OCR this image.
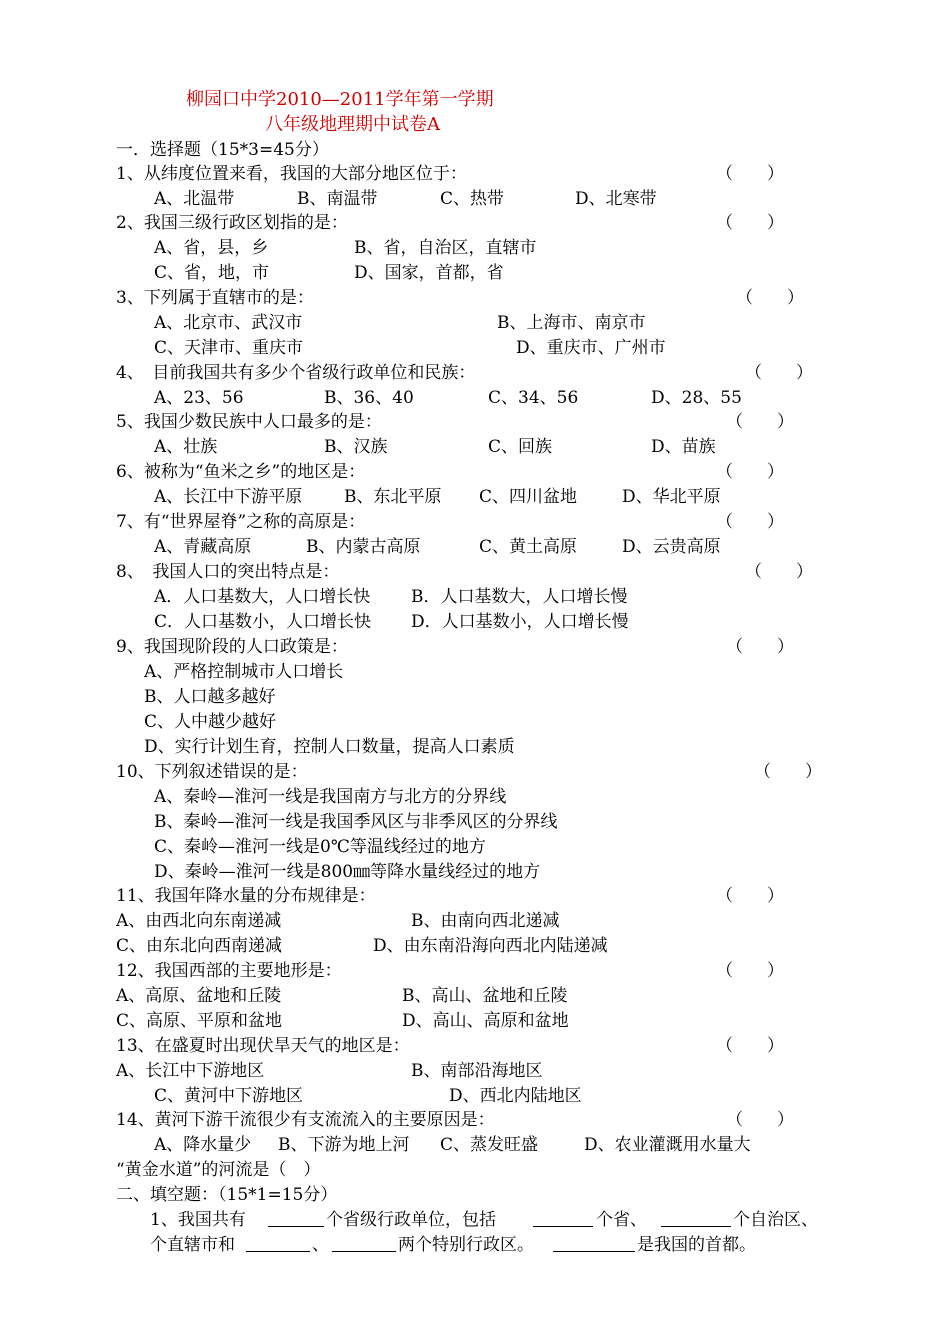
柳园口中学2010—2011学年第一学期
八年级地理期中试卷A
一．选择题（15*3=45分）
1、从纬度位置来看，我国的大部分地区位于：	（　　）
A、北温带	B、南温带	C、热带	D、北寒带
2、我国三级行政区划指的是：	（　　）
A、省，县，乡	B、省，自治区，直辖市
C、省，地，市	D、国家，首都，省
3、下列属于直辖市的是：	（　　）
A、北京市、武汉市	B、上海市、南京市
C、天津市、重庆市	D、重庆市、广州市
4、　目前我国共有多少个省级行政单位和民族：	（　　）
A、23、56	B、36、40	C、34、56	D、28、55
5、我国少数民族中人口最多的是：	（　　）
A、壮族	B、汉族	C、回族	D、苗族
6、被称为“鱼米之乡”的地区是：	（　　）
A、长江中下游平原 B、东北平原 C、四川盆地	D、华北平原
7、有“世界屋脊”之称的高原是：	（　　）
A、青藏高原	B、内蒙古高原	C、黄土高原	D、云贵高原
8、　我国人口的突出特点是：	（　　）
A．人口基数大，人口增长快 B．人口基数大，人口增长慢
C．人口基数小，人口增长快 D．人口基数小，人口增长慢
9、我国现阶段的人口政策是：	（　　）
A、严格控制城市人口增长
B、人口越多越好
C、人中越少越好
D、实行计划生育，控制人口数量，提高人口素质
10、下列叙述错误的是：	（　　）
A、秦岭—淮河一线是我国南方与北方的分界线
B、秦岭—淮河一线是我国季风区与非季风区的分界线
C、秦岭—淮河一线是0℃等温线经过的地方
D、秦岭—淮河一线是800㎜等降水量线经过的地方
11、我国年降水量的分布规律是：	（　　）
A、由西北向东南递减	B、由南向西北递减
C、由东北向西南递减	D、由东南沿海向西北内陆递减
12、我国西部的主要地形是：	（　　）
A、高原、盆地和丘陵	B、高山、盆地和丘陵
C、高原、平原和盆地	D、高山、高原和盆地
13、在盛夏时出现伏旱天气的地区是：	（　　）
A、长江中下游地区	B、南部沿海地区
C、黄河中下游地区	D、西北内陆地区
14、黄河下游干流很少有支流流入的主要原因是：	（　　）
A、降水量少 B、下游为地上河 C、蒸发旺盛	D、农业灌溉用水量大
“黄金水道”的河流是（　）
二、填空题：（15*1=15分）
1、我国共有	个省级行政单位，包括	个省、	个自治区、
个直辖市和	、	两个特别行政区。	是我国的首都。
